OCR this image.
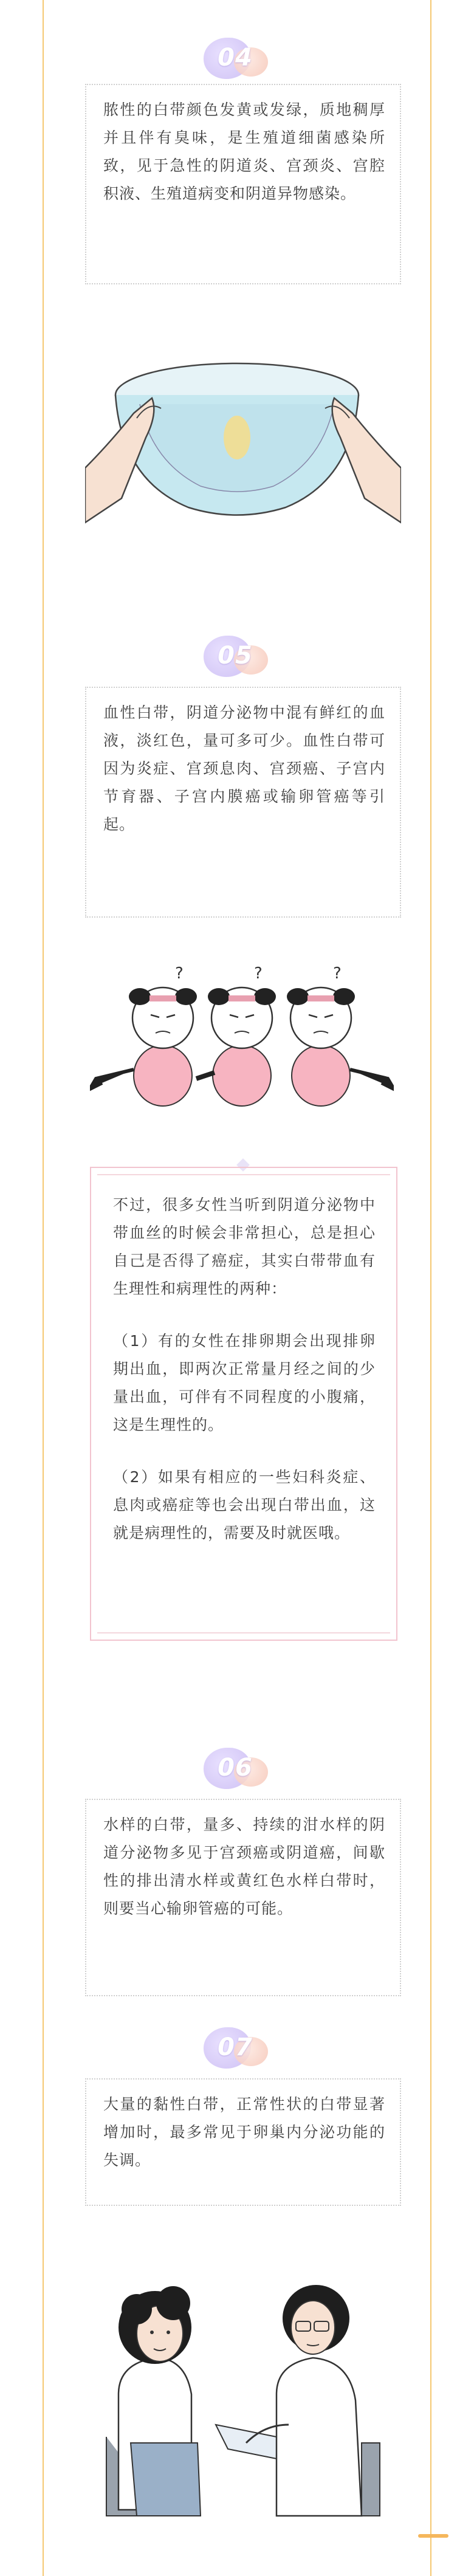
04

脓性的白带颜色发黄或发绿，质地稠厚并且伴有臭味，是生殖道细菌感染所致，见于急性的阴道炎、宫颈炎、宫腔积液、生殖道病变和阴道异物感染。

05

血性白带，阴道分泌物中混有鲜红的血液，淡红色，量可多可少。血性白带可因为炎症、宫颈息肉、宫颈癌、子宫内节育器、子宫内膜癌或输卵管癌等引起。

?	?	?

不过，很多女性当听到阴道分泌物中带血丝的时候会非常担心，总是担心自己是否得了癌症，其实白带带血有生理性和病理性的两种：

（1）有的女性在排卵期会出现排卵期出血，即两次正常量月经之间的少量出血，可伴有不同程度的小腹痛，这是生理性的。

（2）如果有相应的一些妇科炎症、息肉或癌症等也会出现白带出血，这就是病理性的，需要及时就医哦。

06

水样的白带，量多、持续的泔水样的阴道分泌物多见于宫颈癌或阴道癌，间歇性的排出清水样或黄红色水样白带时，则要当心输卵管癌的可能。

07

大量的黏性白带，正常性状的白带显著增加时，最多常见于卵巢内分泌功能的失调。
